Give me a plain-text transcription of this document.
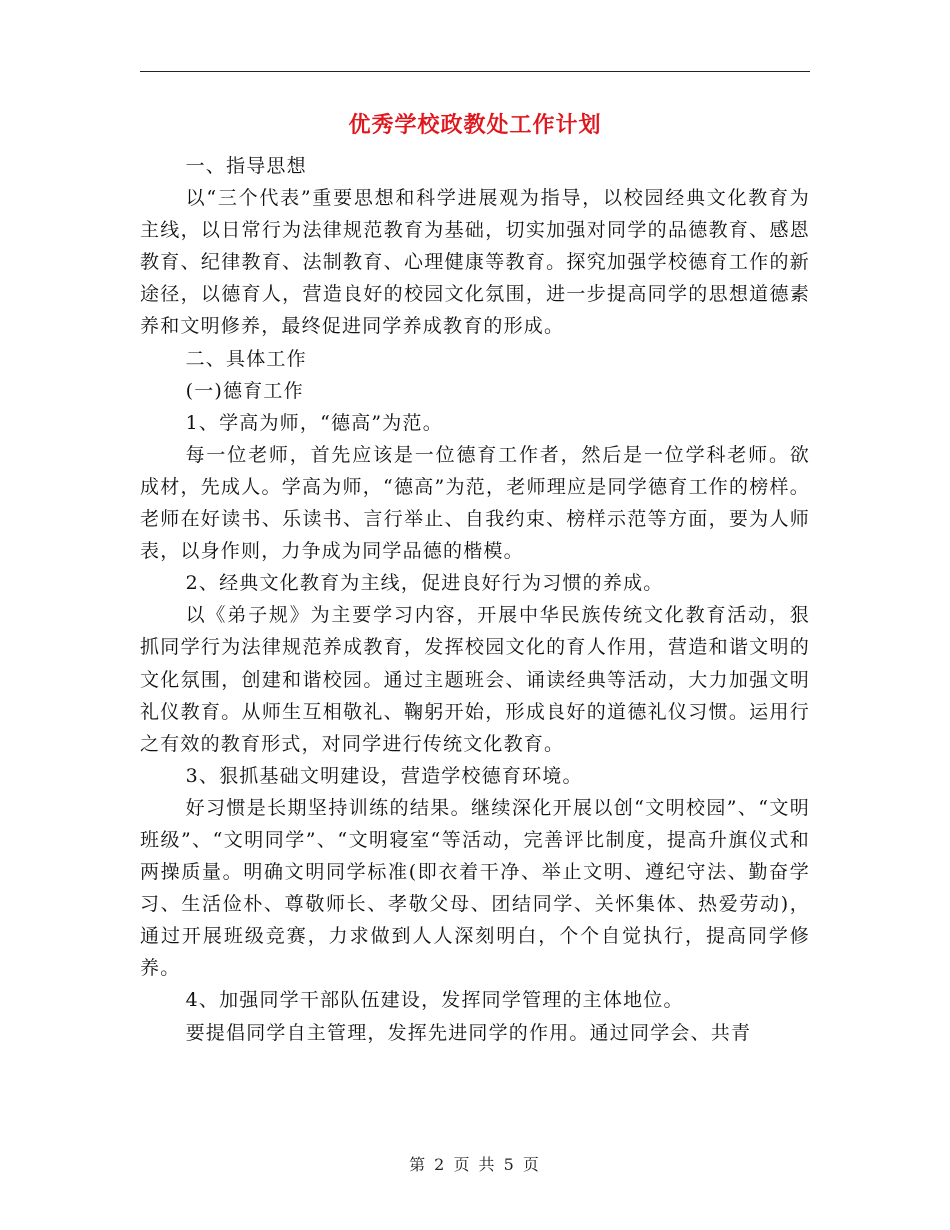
优秀学校政教处工作计划

一、指导思想

以“三个代表”重要思想和科学进展观为指导，以校园经典文化教育为主线，以日常行为法律规范教育为基础，切实加强对同学的品德教育、感恩教育、纪律教育、法制教育、心理健康等教育。探究加强学校德育工作的新途径，以德育人，营造良好的校园文化氛围，进一步提高同学的思想道德素养和文明修养，最终促进同学养成教育的形成。

二、具体工作

(一)德育工作

1、学高为师，“德高”为范。

每一位老师，首先应该是一位德育工作者，然后是一位学科老师。欲成材，先成人。学高为师，“德高”为范，老师理应是同学德育工作的榜样。老师在好读书、乐读书、言行举止、自我约束、榜样示范等方面，要为人师表，以身作则，力争成为同学品德的楷模。

2、经典文化教育为主线，促进良好行为习惯的养成。

以《弟子规》为主要学习内容，开展中华民族传统文化教育活动，狠抓同学行为法律规范养成教育，发挥校园文化的育人作用，营造和谐文明的文化氛围，创建和谐校园。通过主题班会、诵读经典等活动，大力加强文明礼仪教育。从师生互相敬礼、鞠躬开始，形成良好的道德礼仪习惯。运用行之有效的教育形式，对同学进行传统文化教育。

3、狠抓基础文明建设，营造学校德育环境。

好习惯是长期坚持训练的结果。继续深化开展以创“文明校园”、“文明班级”、“文明同学”、“文明寝室“等活动，完善评比制度，提高升旗仪式和两操质量。明确文明同学标准(即衣着干净、举止文明、遵纪守法、勤奋学习、生活俭朴、尊敬师长、孝敬父母、团结同学、关怀集体、热爱劳动)，通过开展班级竞赛，力求做到人人深刻明白，个个自觉执行，提高同学修养。

4、加强同学干部队伍建设，发挥同学管理的主体地位。

要提倡同学自主管理，发挥先进同学的作用。通过同学会、共青

第 2 页 共 5 页
